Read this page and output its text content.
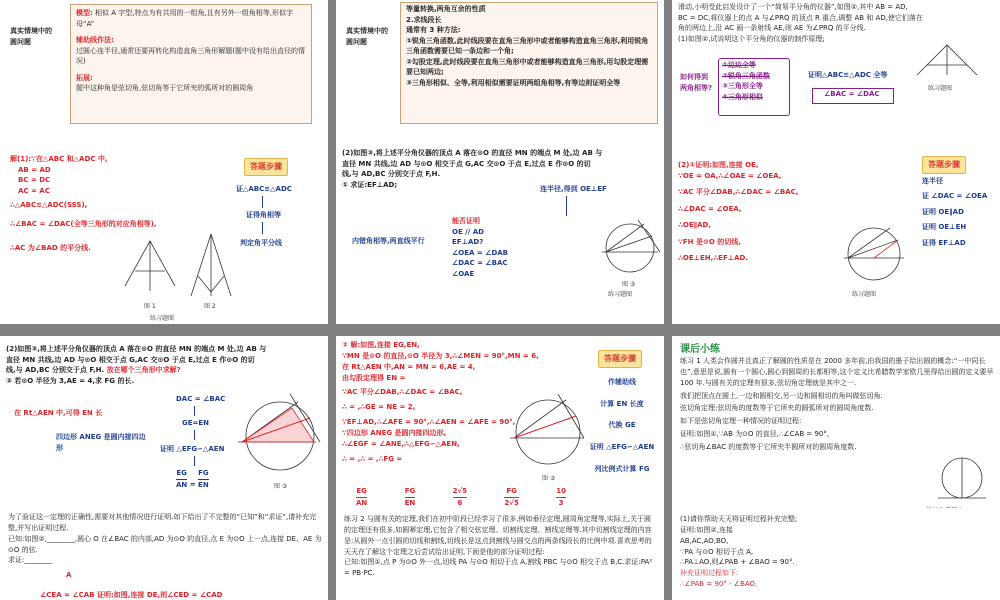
真实情境中的圆问题

模型: 相似 A 字型,特点为有共用的一组角,且有另外一组角相等,形似字母“A”

辅助线作法:

过圆心连半径,通常还要再转化构造直角三角形解题(题中没有给出直径的情况)

拓展:

题中这种角是弦切角,弦切角等于它所夹的弧所对的圆周角

真实情境中的圆问题

等量转换,两角互余的性质

2.求线段长

通常有 3 种方法:

①锐角三角函数,此时线段要在直角三角形中或者能够构造直角三角形,利用锐角三角函数需要已知一条边和一个角;

②勾股定理,此时线段要在直角三角形中或者能够构造直角三角形,用勾股定理需要已知两边;

③三角形相似、全等,利用相似需要证明两组角相等,有等边则证明全等

滑动,小明受此启发设计了一个“简易平分角的仪器”,如图②,其中 AB = AD,

BC = DC,将仪器上的点 A 与∠PRQ 的顶点 R 重合,调整 AB 和 AD,使它们落在

角的两边上,沿 AC 画一条射线 AE,则 AE 为∠PRQ 的平分线.

(1)如图②,试说明这个平分角的仪器的制作原理;

如何得到两角相等?

①边边全等

②锐角三角函数

③三角形全等

④三角形相似

证明△ABC≌△ADC 全等
∠BAC = ∠DAC
练习题图

解(1):∵在△ABC 和△ADC 中,

AB = AD

BC = DC

AC = AC

∴△ABC≌△ADC(SSS),

∴∠BAC = ∠DAC(全等三角形的对应角相等),

∴AC 为∠BAD 的平分线.

答题步骤
证△ABC≌△ADC
证得角相等
判定角平分线
图 1	图 2
练习题图

(2)如图③,将上述平分角仪器的顶点 A 落在⊙O 的直径 MN 的端点 M 处,边 AB 与

直径 MN 共线,边 AD 与⊙O 相交于点 G,AC 交⊙O 于点 E,过点 E 作⊙O 的切

线,与 AD,BC 分别交于点 F,H.

① 求证:EF⊥AD;

连半径,得到 OE⊥EF
内错角相等,两直线平行

能否证明

OE // AD

EF⊥AD?

∠OEA = ∠DAB

∠DAC = ∠BAC

∠OAE

图 ③
练习题图

(2)①证明:如图,连接 OE,

∵OE = OA,∴∠OAE = ∠OEA,

∵AC 平分∠DAB,∴∠DAC = ∠BAC,

∴∠DAC = ∠OEA,

∴OE∥AD,

∵FH 是⊙O 的切线,

∴OE⊥EH,∴EF⊥AD.

答题步骤

连半径

证 ∠DAC = ∠OEA

证明 OE∥AD

证明 OE⊥EH

证得 EF⊥AD

练习题图

(2)如图③,将上述平分角仪器的顶点 A 落在⊙O 的直径 MN 的端点 M 处,边 AB 与

直径 MN 共线,边 AD 与⊙O 相交于点 G,AC 交⊙O 于点 E,过点 E 作⊙O 的切

线,与 AD,BC 分别交于点 F,H. 放在哪个三角形中求解?

② 若⊙O 半径为 3,AE = 4,求 FG 的长.

在 Rt△AEN 中,可得 EN 长
四边形 ANEG 是圆内接四边形
DAC = ∠BAC
GE=EN
证明 △EFG∽△AEN
$\frac{EG}{AN} = \frac{FG}{EN}$	图 ③

② 解:如图,连接 EG,EN,

∵MN 是⊙O 的直径,⊙O 半径为 3,∴∠MEN = 90°,MN = 6,

在 Rt△AEN 中,AN = MN = 6,AE = 4,

由勾股定理得 EN =

∵AC 平分∠DAB,∴∠DAC = ∠BAC,

∴ = ,∴GE = NE = 2,

∵EF⊥AD,∴∠AFE = 90°,∴∠AEN = ∠AFE = 90°,

∵四边形 ANEG 是圆内接四边形,

∴∠EGF = ∠ANE,∴△EFG∽△AEN,

∴ = ,∴ = ,∴FG =

$\frac{EG}{AN}$	$\frac{FG}{EN}$	$\frac{2√5}{6}$	$\frac{FG}{2√5}$	$\frac{10}{3}$
答题步骤

作辅助线

计算 EN 长度

代换 GE

证明 △EFG∽△AEN

列比例式计算 FG

图 ③
课后小练

练习 1 人类会作圆并且真正了解圆的性质是在 2000 多年前,由我国的墨子给出圆的概念:“一中同长也”,意思是说,圆有一个圆心,圆心到圆周的长都相等,这个定义比希腊数学家欧几里得给出圆的定义要早 100 年.与圆有关的定理有很多,弦切角定理就是其中之一.

我们把顶点在圆上,一边和圆相交,另一边和圆相切的角叫做弦切角.

弦切角定理:弦切角的度数等于它所夹的圆弧所对的圆周角度数.

如下是弦切角定理一种情况的证明过程:

证明:如图①,∵AB 为⊙O 的直径,∴∠CAB = 90°,

∴弦切角∠BAC 的度数等于它所夹半圆所对的圆周角度数.

为了验证这一定理的正确性,需要对其他情况进行证明.如下给出了不完整的“已知”和“求证”,请补充完整,并写出证明过程.

已知:如图②,________,圆心 O 在∠BAC 的内部,AD 为⊙O 的直径,点 E 为⊙O 上一点,连接 DE、AE 为⊙O 的弦.

求证:________

A
∠CEA = ∠CAB 证明:如图,连接 DE,则∠CED = ∠CAD

练习 2 与圆有关的定理,我们在初中阶段已经学习了很多,例如垂径定理,圆周角定理等,实际上,关于圆的定理还有很多,如圆幂定理,它包含了相交弦定理、切割线定理、割线定理等.其中切割线定理的内容是:从圆外一点引圆的切线和割线,切线长是这点到割线与圆交点的两条线段长的比例中项.喜欢思考的天天在了解这个定理之后尝试给出证明,下面是他的部分证明过程:

已知:如图①,点 P 为⊙O 外一点,切线 PA 与⊙O 相切于点 A,割线 PBC 与⊙O 相交于点 B,C.求证:PA² = PB·PC.

(1)请你帮助天天将证明过程补充完整;

证明:如图②,连接

AB,AC,AO,BO,

∵PA 与⊙O 相切于点 A,

∴PA⊥AO,则∠PAB + ∠BAO = 90°.

补充证明过程如下:

∴∠PAB = 90° - ∠BAO,
